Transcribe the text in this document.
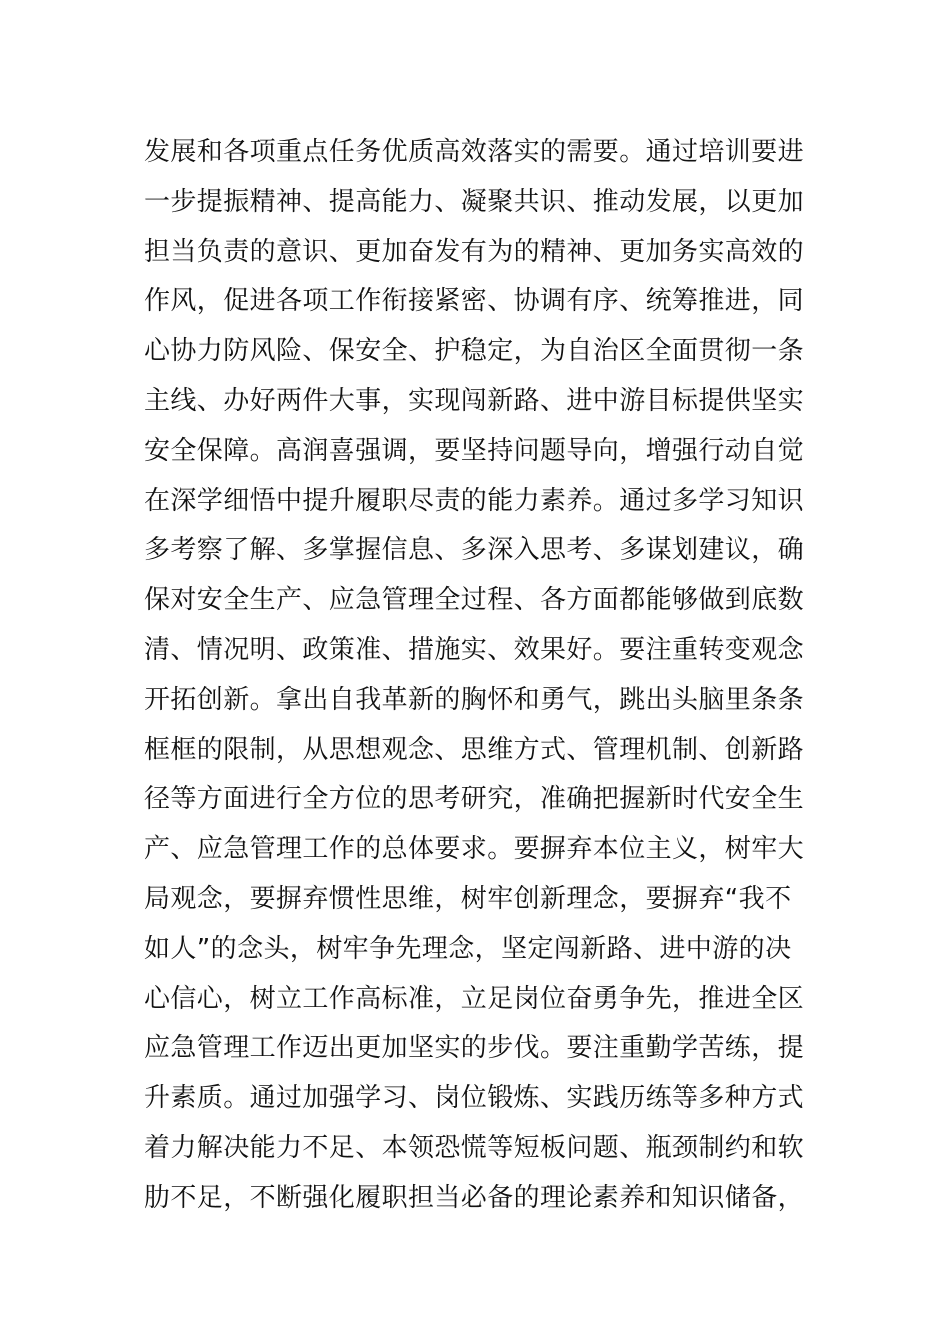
发展和各项重点任务优质高效落实的需要。通过培训要进
一步提振精神、提高能力、凝聚共识、推动发展，以更加
担当负责的意识、更加奋发有为的精神、更加务实高效的
作风，促进各项工作衔接紧密、协调有序、统筹推进，同
心协力防风险、保安全、护稳定，为自治区全面贯彻一条
主线、办好两件大事，实现闯新路、进中游目标提供坚实
安全保障。高润喜强调，要坚持问题导向，增强行动自觉
在深学细悟中提升履职尽责的能力素养。通过多学习知识
多考察了解、多掌握信息、多深入思考、多谋划建议，确
保对安全生产、应急管理全过程、各方面都能够做到底数
清、情况明、政策准、措施实、效果好。要注重转变观念
开拓创新。拿出自我革新的胸怀和勇气，跳出头脑里条条
框框的限制，从思想观念、思维方式、管理机制、创新路
径等方面进行全方位的思考研究，准确把握新时代安全生
产、应急管理工作的总体要求。要摒弃本位主义，树牢大
局观念，要摒弃惯性思维，树牢创新理念，要摒弃“我不
如人”的念头，树牢争先理念，坚定闯新路、进中游的决
心信心，树立工作高标准，立足岗位奋勇争先，推进全区
应急管理工作迈出更加坚实的步伐。要注重勤学苦练，提
升素质。通过加强学习、岗位锻炼、实践历练等多种方式
着力解决能力不足、本领恐慌等短板问题、瓶颈制约和软
肋不足，不断强化履职担当必备的理论素养和知识储备，
